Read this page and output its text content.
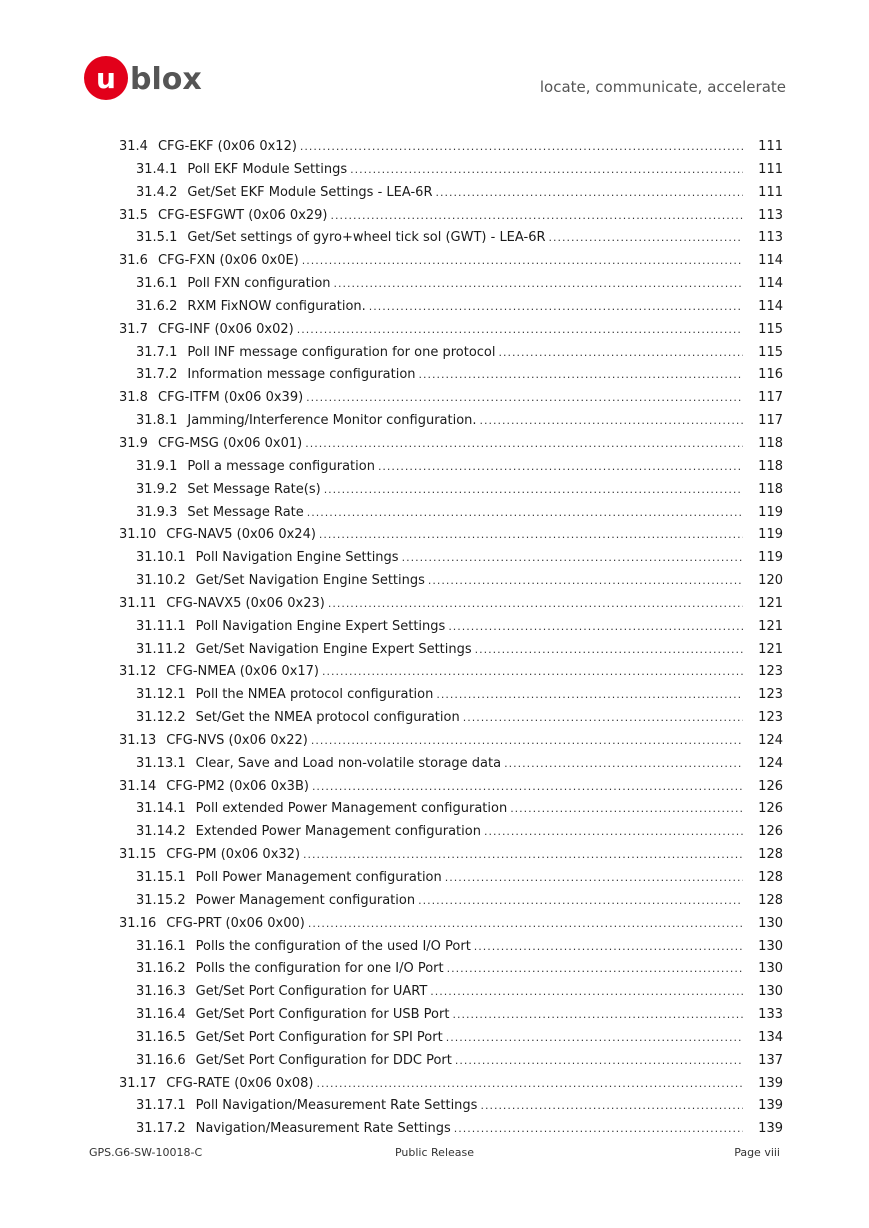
u blox	locate, communicate, accelerate
31.4 CFG-EKF (0x06 0x12) .....	111
31.4.1 Poll EKF Module Settings .....	111
31.4.2 Get/Set EKF Module Settings - LEA-6R .....	111
31.5 CFG-ESFGWT (0x06 0x29) .....	113
31.5.1 Get/Set settings of gyro+wheel tick sol (GWT) - LEA-6R .....	113
31.6 CFG-FXN (0x06 0x0E) .....	114
31.6.1 Poll FXN configuration .....	114
31.6.2 RXM FixNOW configuration. .....	114
31.7 CFG-INF (0x06 0x02) .....	115
31.7.1 Poll INF message configuration for one protocol .....	115
31.7.2 Information message configuration .....	116
31.8 CFG-ITFM (0x06 0x39) .....	117
31.8.1 Jamming/Interference Monitor configuration. .....	117
31.9 CFG-MSG (0x06 0x01) .....	118
31.9.1 Poll a message configuration .....	118
31.9.2 Set Message Rate(s) .....	118
31.9.3 Set Message Rate .....	119
31.10 CFG-NAV5 (0x06 0x24) .....	119
31.10.1 Poll Navigation Engine Settings .....	119
31.10.2 Get/Set Navigation Engine Settings .....	120
31.11 CFG-NAVX5 (0x06 0x23) .....	121
31.11.1 Poll Navigation Engine Expert Settings .....	121
31.11.2 Get/Set Navigation Engine Expert Settings .....	121
31.12 CFG-NMEA (0x06 0x17) .....	123
31.12.1 Poll the NMEA protocol configuration .....	123
31.12.2 Set/Get the NMEA protocol configuration .....	123
31.13 CFG-NVS (0x06 0x22) .....	124
31.13.1 Clear, Save and Load non-volatile storage data .....	124
31.14 CFG-PM2 (0x06 0x3B) .....	126
31.14.1 Poll extended Power Management configuration .....	126
31.14.2 Extended Power Management configuration .....	126
31.15 CFG-PM (0x06 0x32) .....	128
31.15.1 Poll Power Management configuration .....	128
31.15.2 Power Management configuration .....	128
31.16 CFG-PRT (0x06 0x00) .....	130
31.16.1 Polls the configuration of the used I/O Port .....	130
31.16.2 Polls the configuration for one I/O Port .....	130
31.16.3 Get/Set Port Configuration for UART .....	130
31.16.4 Get/Set Port Configuration for USB Port .....	133
31.16.5 Get/Set Port Configuration for SPI Port .....	134
31.16.6 Get/Set Port Configuration for DDC Port .....	137
31.17 CFG-RATE (0x06 0x08) .....	139
31.17.1 Poll Navigation/Measurement Rate Settings .....	139
31.17.2 Navigation/Measurement Rate Settings .....	139
GPS.G6-SW-10018-C	Public Release	Page viii
